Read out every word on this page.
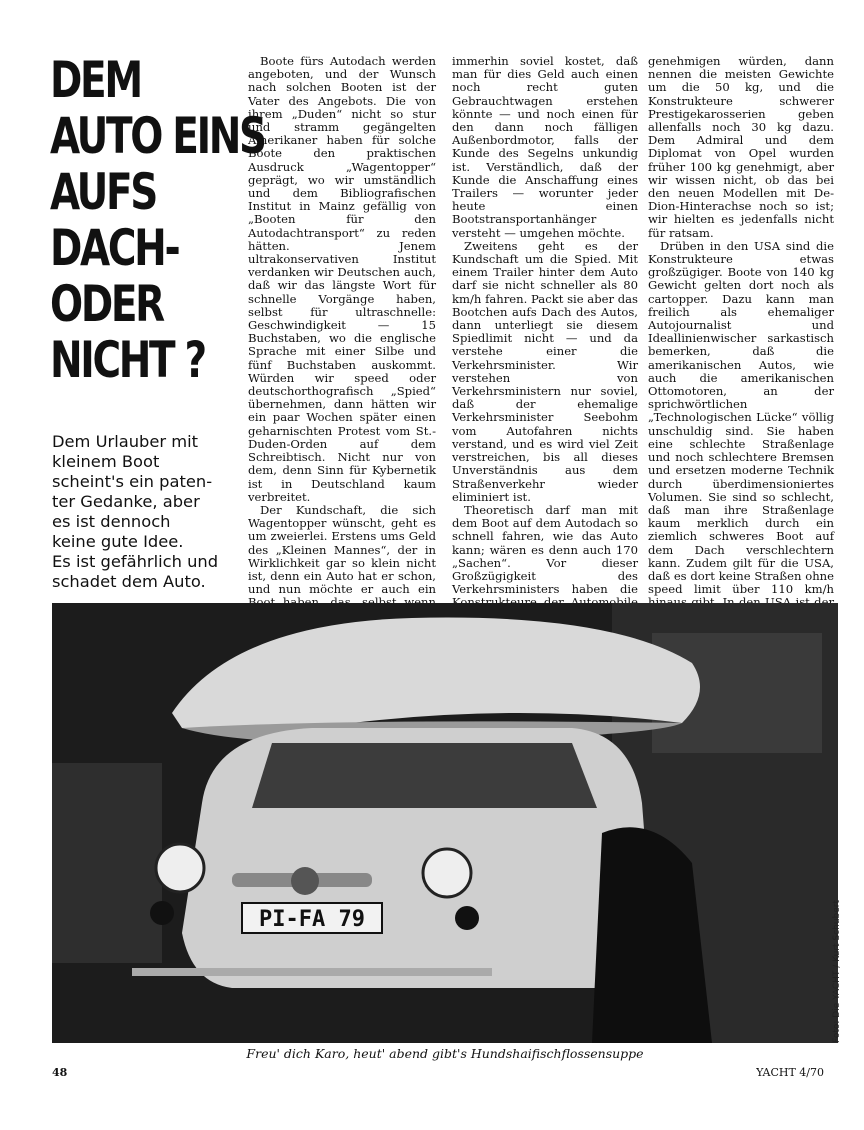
DEM
AUTO EINS
AUFS
DACH-
ODER
NICHT ?
Dem Urlauber mit
kleinem Boot
scheint's ein paten-
ter Gedanke, aber
es ist dennoch
keine gute Idee.
Es ist gefährlich und
schadet dem Auto.

Boote fürs Autodach werden angeboten, und der Wunsch nach solchen Booten ist der Vater des Angebots. Die von ihrem „Duden“ nicht so stur und stramm gegängelten Amerikaner haben für solche Boote den praktischen Ausdruck „Wagentopper“ geprägt, wo wir umständlich und dem Bibliografischen Institut in Mainz gefällig von „Booten für den Autodachtransport“ zu reden hätten. Jenem ultrakonservativen Institut verdanken wir Deutschen auch, daß wir das längste Wort für schnelle Vorgänge haben, selbst für ultraschnelle: Geschwindigkeit — 15 Buchstaben, wo die englische Sprache mit einer Silbe und fünf Buchstaben auskommt. Würden wir speed oder deutschorthografisch „Spied“ übernehmen, dann hätten wir ein paar Wochen später einen geharnischten Protest vom St.-Duden-Orden auf dem Schreibtisch. Nicht nur von dem, denn Sinn für Kybernetik ist in Deutschland kaum verbreitet.

Der Kundschaft, die sich Wagentopper wünscht, geht es um zweierlei. Erstens ums Geld des „Kleinen Mannes“, der in Wirklichkeit gar so klein nicht ist, denn ein Auto hat er schon, und nun möchte er auch ein

immerhin soviel kostet, daß man für dies Geld auch einen noch recht guten Gebrauchtwagen erstehen könnte — und noch einen für den dann noch fälligen Außenbordmotor, falls der Kunde des Segelns unkundig ist. Verständlich, daß der Kunde die Anschaffung eines Trailers — worunter jeder heute einen Bootstransportanhänger versteht — umgehen möchte.

Zweitens geht es der Kundschaft um die Spied. Mit einem Trailer hinter dem Auto darf sie nicht schneller als 80 km/h fahren. Packt sie aber das Bootchen aufs Dach des Autos, dann unterliegt sie diesem Spiedlimit nicht — und da verstehe einer die Verkehrsminister. Wir verstehen von Verkehrsministern nur soviel, daß der ehemalige Verkehrsminister Seebohm vom Autofahren nichts verstand, und es wird viel Zeit verstreichen, bis all dieses Unverständnis aus dem Straßenverkehr wieder eliminiert ist.

Theoretisch darf man mit dem Boot auf dem Autodach so schnell fahren, wie das Auto kann; wären es denn auch 170 „Sachen“. Vor dieser Großzügigkeit des Verkehrsministers haben die

genehmigen würden, dann nennen die meisten Gewichte um die 50 kg, und die Konstrukteure schwerer Prestigekarosserien geben allenfalls noch 30 kg dazu. Dem Admiral und dem Diplomat von Opel wurden früher 100 kg genehmigt, aber wir wissen nicht, ob das bei den neuen Modellen mit De-Dion-Hinterachse noch so ist; wir hielten es jedenfalls nicht für ratsam.

Drüben in den USA sind die Konstrukteure etwas großzügiger. Boote von 140 kg Gewicht gelten dort noch als cartopper. Dazu kann man freilich als ehemaliger Autojournalist und Ideallinienwischer sarkastisch bemerken, daß die amerikanischen Autos, wie auch die amerikanischen Ottomotoren, an der sprichwörtlichen „Technologischen Lücke“ völlig unschuldig sind. Sie haben eine schlechte Straßenlage und noch schlechtere Bremsen und ersetzen moderne Technik durch überdimensioniertes Volumen. Sie sind so schlecht, daß man ihre Straßenlage kaum merklich durch ein ziemlich schweres Boot auf dem Dach verschlechtern kann. Zudem gilt für die USA, daß es dort keine Straßen ohne speed limit über 110 km/h

PI-FA 79	Foto: Die YACHT / Kurt Schubert
Freu' dich Karo, heut' abend gibt's Hundshaifischflossensuppe
48	YACHT 4/70
